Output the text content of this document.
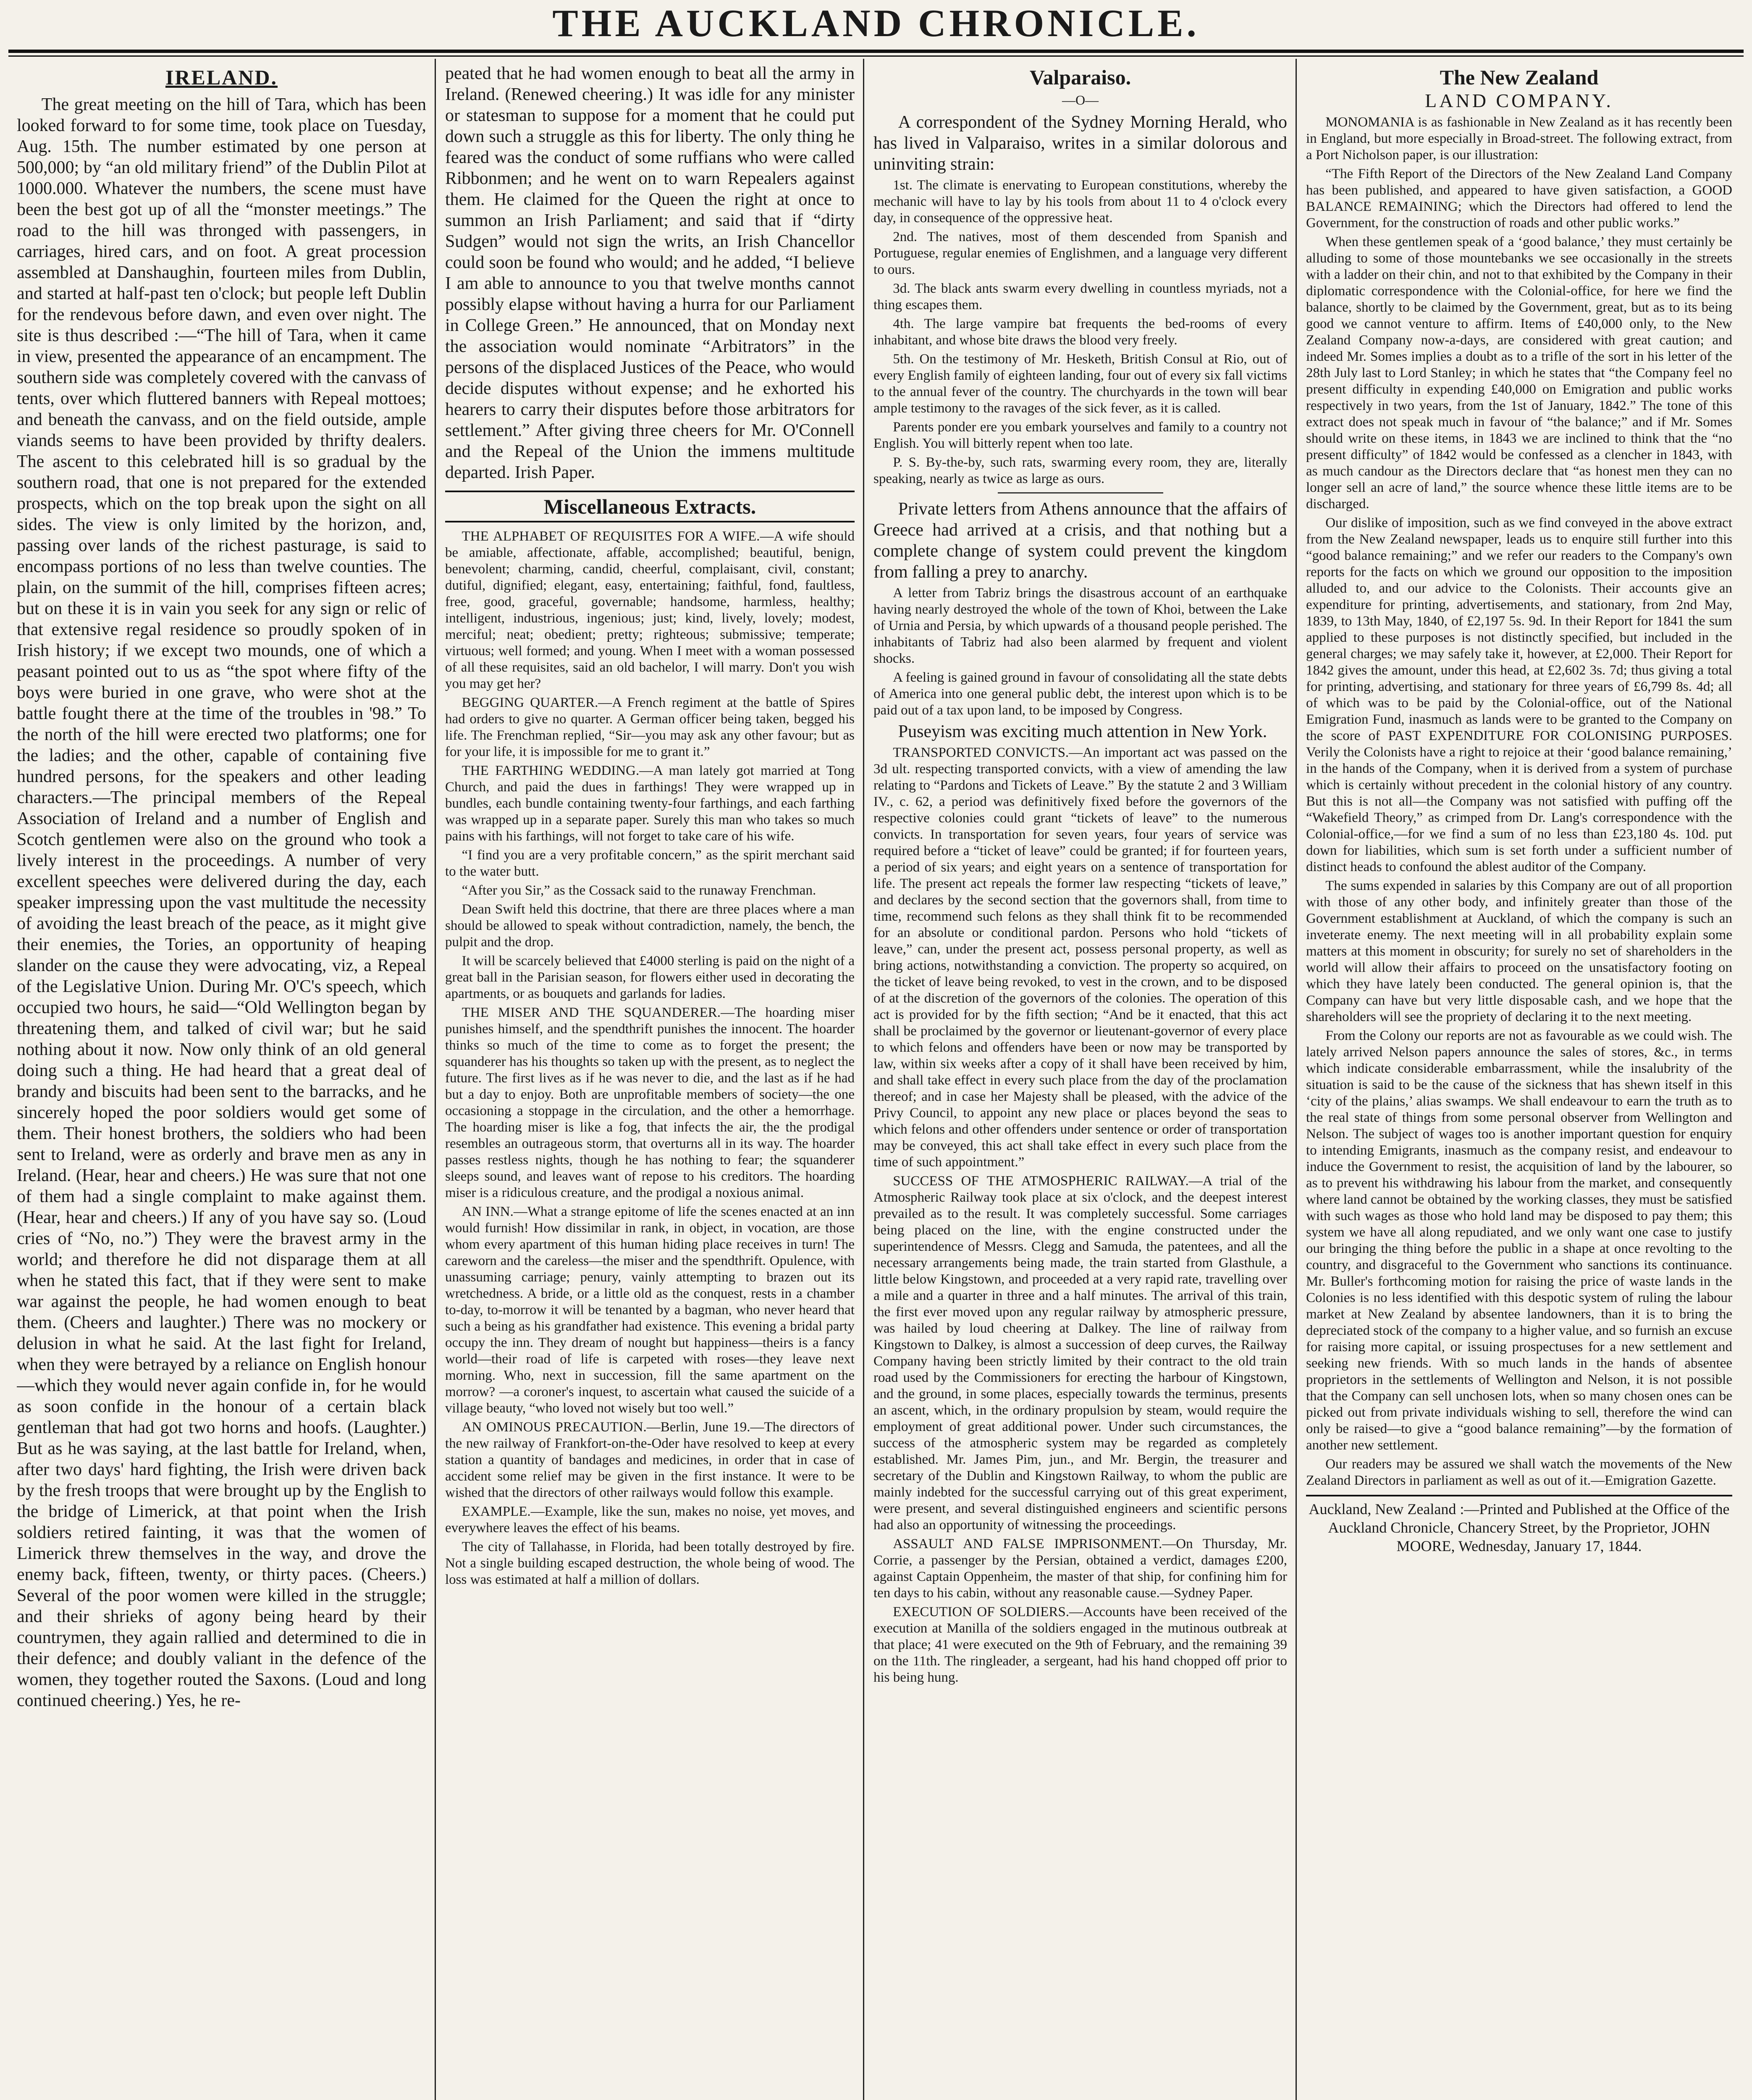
THE AUCKLAND CHRONICLE.
IRELAND.

The great meeting on the hill of Tara, which has been looked forward to for some time, took place on Tuesday, Aug. 15th. The number estimated by one person at 500,000; by “an old military friend” of the Dublin Pilot at 1000.000. Whatever the numbers, the scene must have been the best got up of all the “monster meetings.” The road to the hill was thronged with passengers, in carriages, hired cars, and on foot. A great procession assembled at Danshaughin, fourteen miles from Dublin, and started at half-past ten o'clock; but people left Dublin for the rendevous before dawn, and even over night. The site is thus described :—“The hill of Tara, when it came in view, presented the appearance of an encampment. The southern side was completely covered with the canvass of tents, over which fluttered banners with Repeal mottoes; and beneath the canvass, and on the field outside, ample viands seems to have been provided by thrifty dealers. The ascent to this celebrated hill is so gradual by the southern road, that one is not prepared for the extended prospects, which on the top break upon the sight on all sides. The view is only limited by the horizon, and, passing over lands of the richest pasturage, is said to encompass portions of no less than twelve counties. The plain, on the summit of the hill, comprises fifteen acres; but on these it is in vain you seek for any sign or relic of that extensive regal residence so proudly spoken of in Irish history; if we except two mounds, one of which a peasant pointed out to us as “the spot where fifty of the boys were buried in one grave, who were shot at the battle fought there at the time of the troubles in '98.” To the north of the hill were erected two platforms; one for the ladies; and the other, capable of containing five hundred persons, for the speakers and other leading characters.—The principal members of the Repeal Association of Ireland and a number of English and Scotch gentlemen were also on the ground who took a lively interest in the proceedings. A number of very excellent speeches were delivered during the day, each speaker impressing upon the vast multitude the necessity of avoiding the least breach of the peace, as it might give their enemies, the Tories, an opportunity of heaping slander on the cause they were advocating, viz, a Repeal of the Legislative Union. During Mr. O'C's speech, which occupied two hours, he said—“Old Wellington began by threatening them, and talked of civil war; but he said nothing about it now. Now only think of an old general doing such a thing. He had heard that a great deal of brandy and biscuits had been sent to the barracks, and he sincerely hoped the poor soldiers would get some of them. Their honest brothers, the soldiers who had been sent to Ireland, were as orderly and brave men as any in Ireland. (Hear, hear and cheers.) He was sure that not one of them had a single complaint to make against them. (Hear, hear and cheers.) If any of you have say so. (Loud cries of “No, no.”) They were the bravest army in the world; and therefore he did not disparage them at all when he stated this fact, that if they were sent to make war against the people, he had women enough to beat them. (Cheers and laughter.) There was no mockery or delusion in what he said. At the last fight for Ireland, when they were betrayed by a reliance on English honour—which they would never again confide in, for he would as soon confide in the honour of a certain black gentleman that had got two horns and hoofs. (Laughter.) But as he was saying, at the last battle for Ireland, when, after two days' hard fighting, the Irish were driven back by the fresh troops that were brought up by the English to the bridge of Limerick, at that point when the Irish soldiers retired fainting, it was that the women of Limerick threw themselves in the way, and drove the enemy back, fifteen, twenty, or thirty paces. (Cheers.) Several of the poor women were killed in the struggle; and their shrieks of agony being heard by their countrymen, they again rallied and determined to die in their defence; and doubly valiant in the defence of the women, they together routed the Saxons. (Loud and long continued cheering.) Yes, he re-

peated that he had women enough to beat all the army in Ireland. (Renewed cheering.) It was idle for any minister or statesman to suppose for a moment that he could put down such a struggle as this for liberty. The only thing he feared was the conduct of some ruffians who were called Ribbonmen; and he went on to warn Repealers against them. He claimed for the Queen the right at once to summon an Irish Parliament; and said that if “dirty Sudgen” would not sign the writs, an Irish Chancellor could soon be found who would; and he added, “I believe I am able to announce to you that twelve months cannot possibly elapse without having a hurra for our Parliament in College Green.” He announced, that on Monday next the association would nominate “Arbitrators” in the persons of the displaced Justices of the Peace, who would decide disputes without expense; and he exhorted his hearers to carry their disputes before those arbitrators for settlement.” After giving three cheers for Mr. O'Connell and the Repeal of the Union the immens multitude departed. Irish Paper.

Miscellaneous Extracts.

THE ALPHABET OF REQUISITES FOR A WIFE.—A wife should be amiable, affectionate, affable, accomplished; beautiful, benign, benevolent; charming, candid, cheerful, complaisant, civil, constant; dutiful, dignified; elegant, easy, entertaining; faithful, fond, faultless, free, good, graceful, governable; handsome, harmless, healthy; intelligent, industrious, ingenious; just; kind, lively, lovely; modest, merciful; neat; obedient; pretty; righteous; submissive; temperate; virtuous; well formed; and young. When I meet with a woman possessed of all these requisites, said an old bachelor, I will marry. Don't you wish you may get her?

BEGGING QUARTER.—A French regiment at the battle of Spires had orders to give no quarter. A German officer being taken, begged his life. The Frenchman replied, “Sir—you may ask any other favour; but as for your life, it is impossible for me to grant it.”

THE FARTHING WEDDING.—A man lately got married at Tong Church, and paid the dues in farthings! They were wrapped up in bundles, each bundle containing twenty-four farthings, and each farthing was wrapped up in a separate paper. Surely this man who takes so much pains with his farthings, will not forget to take care of his wife.

“I find you are a very profitable concern,” as the spirit merchant said to the water butt.

“After you Sir,” as the Cossack said to the runaway Frenchman.

Dean Swift held this doctrine, that there are three places where a man should be allowed to speak without contradiction, namely, the bench, the pulpit and the drop.

It will be scarcely believed that £4000 sterling is paid on the night of a great ball in the Parisian season, for flowers either used in decorating the apartments, or as bouquets and garlands for ladies.

THE MISER AND THE SQUANDERER.—The hoarding miser punishes himself, and the spendthrift punishes the innocent. The hoarder thinks so much of the time to come as to forget the present; the squanderer has his thoughts so taken up with the present, as to neglect the future. The first lives as if he was never to die, and the last as if he had but a day to enjoy. Both are unprofitable members of society—the one occasioning a stoppage in the circulation, and the other a hemorrhage. The hoarding miser is like a fog, that infects the air, the the prodigal resembles an outrageous storm, that overturns all in its way. The hoarder passes restless nights, though he has nothing to fear; the squanderer sleeps sound, and leaves want of repose to his creditors. The hoarding miser is a ridiculous creature, and the prodigal a noxious animal.

AN INN.—What a strange epitome of life the scenes enacted at an inn would furnish! How dissimilar in rank, in object, in vocation, are those whom every apartment of this human hiding place receives in turn! The careworn and the careless—the miser and the spendthrift. Opulence, with unassuming carriage; penury, vainly attempting to brazen out its wretchedness. A bride, or a little old as the conquest, rests in a chamber to-day, to-morrow it will be tenanted by a bagman, who never heard that such a being as his grandfather had existence. This evening a bridal party occupy the inn. They dream of nought but happiness—theirs is a fancy world—their road of life is carpeted with roses—they leave next morning. Who, next in succession, fill the same apartment on the morrow? —a coroner's inquest, to ascertain what caused the suicide of a village beauty, “who loved not wisely but too well.”

AN OMINOUS PRECAUTION.—Berlin, June 19.—The directors of the new railway of Frankfort-on-the-Oder have resolved to keep at every station a quantity of bandages and medicines, in order that in case of accident some relief may be given in the first instance. It were to be wished that the directors of other railways would follow this example.

EXAMPLE.—Example, like the sun, makes no noise, yet moves, and everywhere leaves the effect of his beams.

The city of Tallahasse, in Florida, had been totally destroyed by fire. Not a single building escaped destruction, the whole being of wood. The loss was estimated at half a million of dollars.

Valparaiso.
—O—

A correspondent of the Sydney Morning Herald, who has lived in Valparaiso, writes in a similar dolorous and uninviting strain:

1st. The climate is enervating to European constitutions, whereby the mechanic will have to lay by his tools from about 11 to 4 o'clock every day, in consequence of the oppressive heat.

2nd. The natives, most of them descended from Spanish and Portuguese, regular enemies of Englishmen, and a language very different to ours.

3d. The black ants swarm every dwelling in countless myriads, not a thing escapes them.

4th. The large vampire bat frequents the bed-rooms of every inhabitant, and whose bite draws the blood very freely.

5th. On the testimony of Mr. Hesketh, British Consul at Rio, out of every English family of eighteen landing, four out of every six fall victims to the annual fever of the country. The churchyards in the town will bear ample testimony to the ravages of the sick fever, as it is called.

Parents ponder ere you embark yourselves and family to a country not English. You will bitterly repent when too late.

P. S. By-the-by, such rats, swarming every room, they are, literally speaking, nearly as twice as large as ours.

Private letters from Athens announce that the affairs of Greece had arrived at a crisis, and that nothing but a complete change of system could prevent the kingdom from falling a prey to anarchy.

A letter from Tabriz brings the disastrous account of an earthquake having nearly destroyed the whole of the town of Khoi, between the Lake of Urnia and Persia, by which upwards of a thousand people perished. The inhabitants of Tabriz had also been alarmed by frequent and violent shocks.

A feeling is gained ground in favour of consolidating all the state debts of America into one general public debt, the interest upon which is to be paid out of a tax upon land, to be imposed by Congress.

Puseyism was exciting much attention in New York.

TRANSPORTED CONVICTS.—An important act was passed on the 3d ult. respecting transported convicts, with a view of amending the law relating to “Pardons and Tickets of Leave.” By the statute 2 and 3 William IV., c. 62, a period was definitively fixed before the governors of the respective colonies could grant “tickets of leave” to the numerous convicts. In transportation for seven years, four years of service was required before a “ticket of leave” could be granted; if for fourteen years, a period of six years; and eight years on a sentence of transportation for life. The present act repeals the former law respecting “tickets of leave,” and declares by the second section that the governors shall, from time to time, recommend such felons as they shall think fit to be recommended for an absolute or conditional pardon. Persons who hold “tickets of leave,” can, under the present act, possess personal property, as well as bring actions, notwithstanding a conviction. The property so acquired, on the ticket of leave being revoked, to vest in the crown, and to be disposed of at the discretion of the governors of the colonies. The operation of this act is provided for by the fifth section; “And be it enacted, that this act shall be proclaimed by the governor or lieutenant-governor of every place to which felons and offenders have been or now may be transported by law, within six weeks after a copy of it shall have been received by him, and shall take effect in every such place from the day of the proclamation thereof; and in case her Majesty shall be pleased, with the advice of the Privy Council, to appoint any new place or places beyond the seas to which felons and other offenders under sentence or order of transportation may be conveyed, this act shall take effect in every such place from the time of such appointment.”

SUCCESS OF THE ATMOSPHERIC RAILWAY.—A trial of the Atmospheric Railway took place at six o'clock, and the deepest interest prevailed as to the result. It was completely successful. Some carriages being placed on the line, with the engine constructed under the superintendence of Messrs. Clegg and Samuda, the patentees, and all the necessary arrangements being made, the train started from Glasthule, a little below Kingstown, and proceeded at a very rapid rate, travelling over a mile and a quarter in three and a half minutes. The arrival of this train, the first ever moved upon any regular railway by atmospheric pressure, was hailed by loud cheering at Dalkey. The line of railway from Kingstown to Dalkey, is almost a succession of deep curves, the Railway Company having been strictly limited by their contract to the old train road used by the Commissioners for erecting the harbour of Kingstown, and the ground, in some places, especially towards the terminus, presents an ascent, which, in the ordinary propulsion by steam, would require the employment of great additional power. Under such circumstances, the success of the atmospheric system may be regarded as completely established. Mr. James Pim, jun., and Mr. Bergin, the treasurer and secretary of the Dublin and Kingstown Railway, to whom the public are mainly indebted for the successful carrying out of this great experiment, were present, and several distinguished engineers and scientific persons had also an opportunity of witnessing the proceedings.

ASSAULT AND FALSE IMPRISONMENT.—On Thursday, Mr. Corrie, a passenger by the Persian, obtained a verdict, damages £200, against Captain Oppenheim, the master of that ship, for confining him for ten days to his cabin, without any reasonable cause.—Sydney Paper.

EXECUTION OF SOLDIERS.—Accounts have been received of the execution at Manilla of the soldiers engaged in the mutinous outbreak at that place; 41 were executed on the 9th of February, and the remaining 39 on the 11th. The ringleader, a sergeant, had his hand chopped off prior to his being hung.

The New Zealand
LAND COMPANY.

MONOMANIA is as fashionable in New Zealand as it has recently been in England, but more especially in Broad-street. The following extract, from a Port Nicholson paper, is our illustration:

“The Fifth Report of the Directors of the New Zealand Land Company has been published, and appeared to have given satisfaction, a GOOD BALANCE REMAINING; which the Directors had offered to lend the Government, for the construction of roads and other public works.”

When these gentlemen speak of a ‘good balance,’ they must certainly be alluding to some of those mountebanks we see occasionally in the streets with a ladder on their chin, and not to that exhibited by the Company in their diplomatic correspondence with the Colonial-office, for here we find the balance, shortly to be claimed by the Government, great, but as to its being good we cannot venture to affirm. Items of £40,000 only, to the New Zealand Company now-a-days, are considered with great caution; and indeed Mr. Somes implies a doubt as to a trifle of the sort in his letter of the 28th July last to Lord Stanley; in which he states that “the Company feel no present difficulty in expending £40,000 on Emigration and public works respectively in two years, from the 1st of January, 1842.” The tone of this extract does not speak much in favour of “the balance;” and if Mr. Somes should write on these items, in 1843 we are inclined to think that the “no present difficulty” of 1842 would be confessed as a clencher in 1843, with as much candour as the Directors declare that “as honest men they can no longer sell an acre of land,” the source whence these little items are to be discharged.

Our dislike of imposition, such as we find conveyed in the above extract from the New Zealand newspaper, leads us to enquire still further into this “good balance remaining;” and we refer our readers to the Company's own reports for the facts on which we ground our opposition to the imposition alluded to, and our advice to the Colonists. Their accounts give an expenditure for printing, advertisements, and stationary, from 2nd May, 1839, to 13th May, 1840, of £2,197 5s. 9d. In their Report for 1841 the sum applied to these purposes is not distinctly specified, but included in the general charges; we may safely take it, however, at £2,000. Their Report for 1842 gives the amount, under this head, at £2,602 3s. 7d; thus giving a total for printing, advertising, and stationary for three years of £6,799 8s. 4d; all of which was to be paid by the Colonial-office, out of the National Emigration Fund, inasmuch as lands were to be granted to the Company on the score of PAST EXPENDITURE FOR COLONISING PURPOSES. Verily the Colonists have a right to rejoice at their ‘good balance remaining,’ in the hands of the Company, when it is derived from a system of purchase which is certainly without precedent in the colonial history of any country. But this is not all—the Company was not satisfied with puffing off the “Wakefield Theory,” as crimped from Dr. Lang's correspondence with the Colonial-office,—for we find a sum of no less than £23,180 4s. 10d. put down for liabilities, which sum is set forth under a sufficient number of distinct heads to confound the ablest auditor of the Company.

The sums expended in salaries by this Company are out of all proportion with those of any other body, and infinitely greater than those of the Government establishment at Auckland, of which the company is such an inveterate enemy. The next meeting will in all probability explain some matters at this moment in obscurity; for surely no set of shareholders in the world will allow their affairs to proceed on the unsatisfactory footing on which they have lately been conducted. The general opinion is, that the Company can have but very little disposable cash, and we hope that the shareholders will see the propriety of declaring it to the next meeting.

From the Colony our reports are not as favourable as we could wish. The lately arrived Nelson papers announce the sales of stores, &c., in terms which indicate considerable embarrassment, while the insalubrity of the situation is said to be the cause of the sickness that has shewn itself in this ‘city of the plains,’ alias swamps. We shall endeavour to earn the truth as to the real state of things from some personal observer from Wellington and Nelson. The subject of wages too is another important question for enquiry to intending Emigrants, inasmuch as the company resist, and endeavour to induce the Government to resist, the acquisition of land by the labourer, so as to prevent his withdrawing his labour from the market, and consequently where land cannot be obtained by the working classes, they must be satisfied with such wages as those who hold land may be disposed to pay them; this system we have all along repudiated, and we only want one case to justify our bringing the thing before the public in a shape at once revolting to the country, and disgraceful to the Government who sanctions its continuance. Mr. Buller's forthcoming motion for raising the price of waste lands in the Colonies is no less identified with this despotic system of ruling the labour market at New Zealand by absentee landowners, than it is to bring the depreciated stock of the company to a higher value, and so furnish an excuse for raising more capital, or issuing prospectuses for a new settlement and seeking new friends. With so much lands in the hands of absentee proprietors in the settlements of Wellington and Nelson, it is not possible that the Company can sell unchosen lots, when so many chosen ones can be picked out from private individuals wishing to sell, therefore the wind can only be raised—to give a “good balance remaining”—by the formation of another new settlement.

Our readers may be assured we shall watch the movements of the New Zealand Directors in parliament as well as out of it.—Emigration Gazette.

Auckland, New Zealand :—Printed and Published at the Office of the Auckland Chronicle, Chancery Street, by the Proprietor, JOHN MOORE, Wednesday, January 17, 1844.
